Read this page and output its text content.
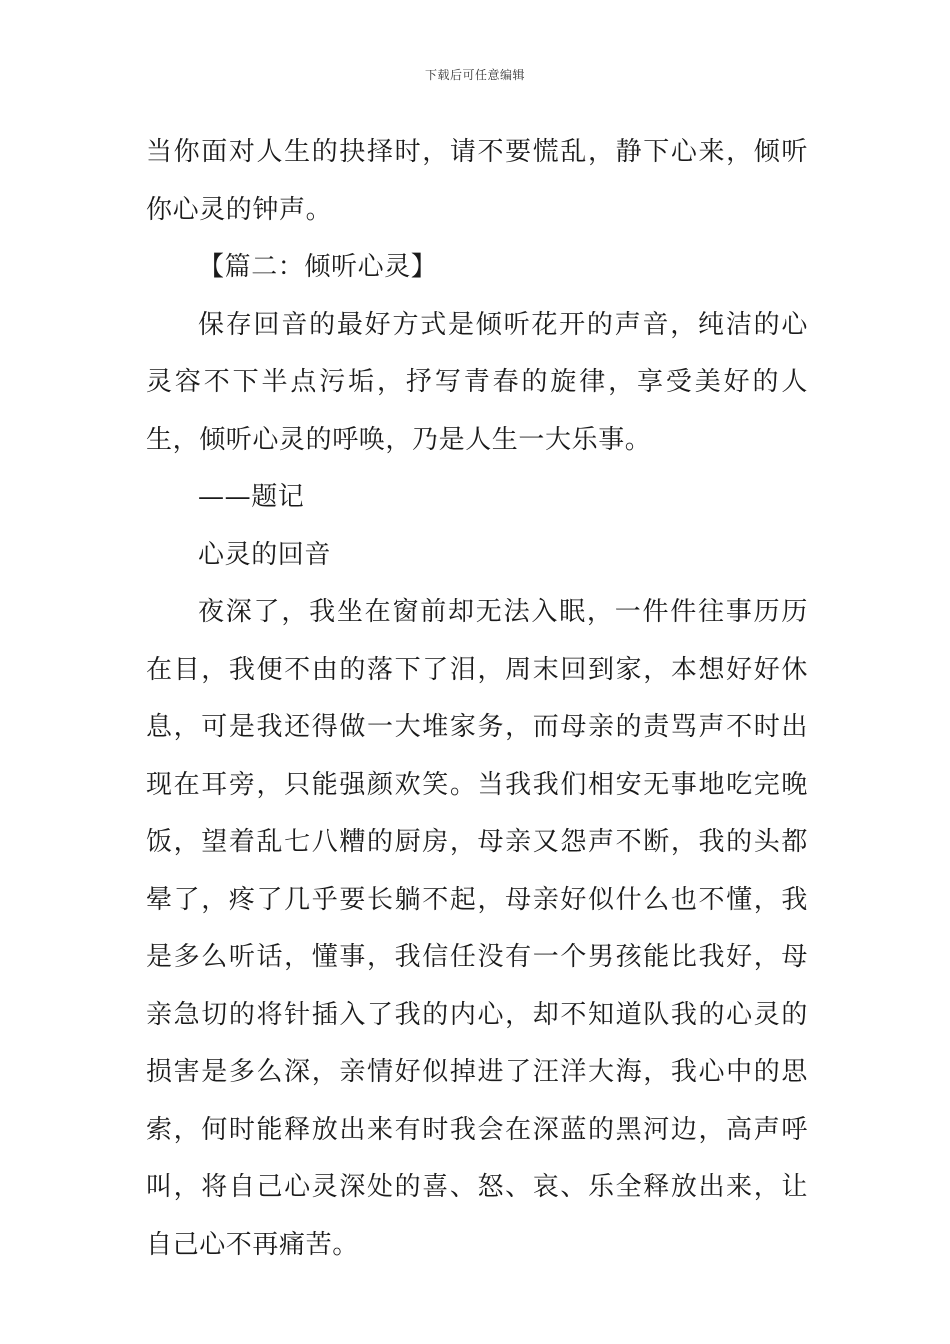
下载后可任意编辑

当你面对人生的抉择时，请不要慌乱，静下心来，倾听你心灵的钟声。

【篇二：倾听心灵】

保存回音的最好方式是倾听花开的声音，纯洁的心灵容不下半点污垢，抒写青春的旋律，享受美好的人生，倾听心灵的呼唤，乃是人生一大乐事。

——题记

心灵的回音

夜深了，我坐在窗前却无法入眠，一件件往事历历在目，我便不由的落下了泪，周末回到家，本想好好休息，可是我还得做一大堆家务，而母亲的责骂声不时出现在耳旁，只能强颜欢笑。当我我们相安无事地吃完晚饭，望着乱七八糟的厨房，母亲又怨声不断，我的头都晕了，疼了几乎要长躺不起，母亲好似什么也不懂，我是多么听话，懂事，我信任没有一个男孩能比我好，母亲急切的将针插入了我的内心，却不知道队我的心灵的损害是多么深，亲情好似掉进了汪洋大海，我心中的思索，何时能释放出来有时我会在深蓝的黑河边，高声呼叫，将自己心灵深处的喜、怒、哀、乐全释放出来，让自己心不再痛苦。
